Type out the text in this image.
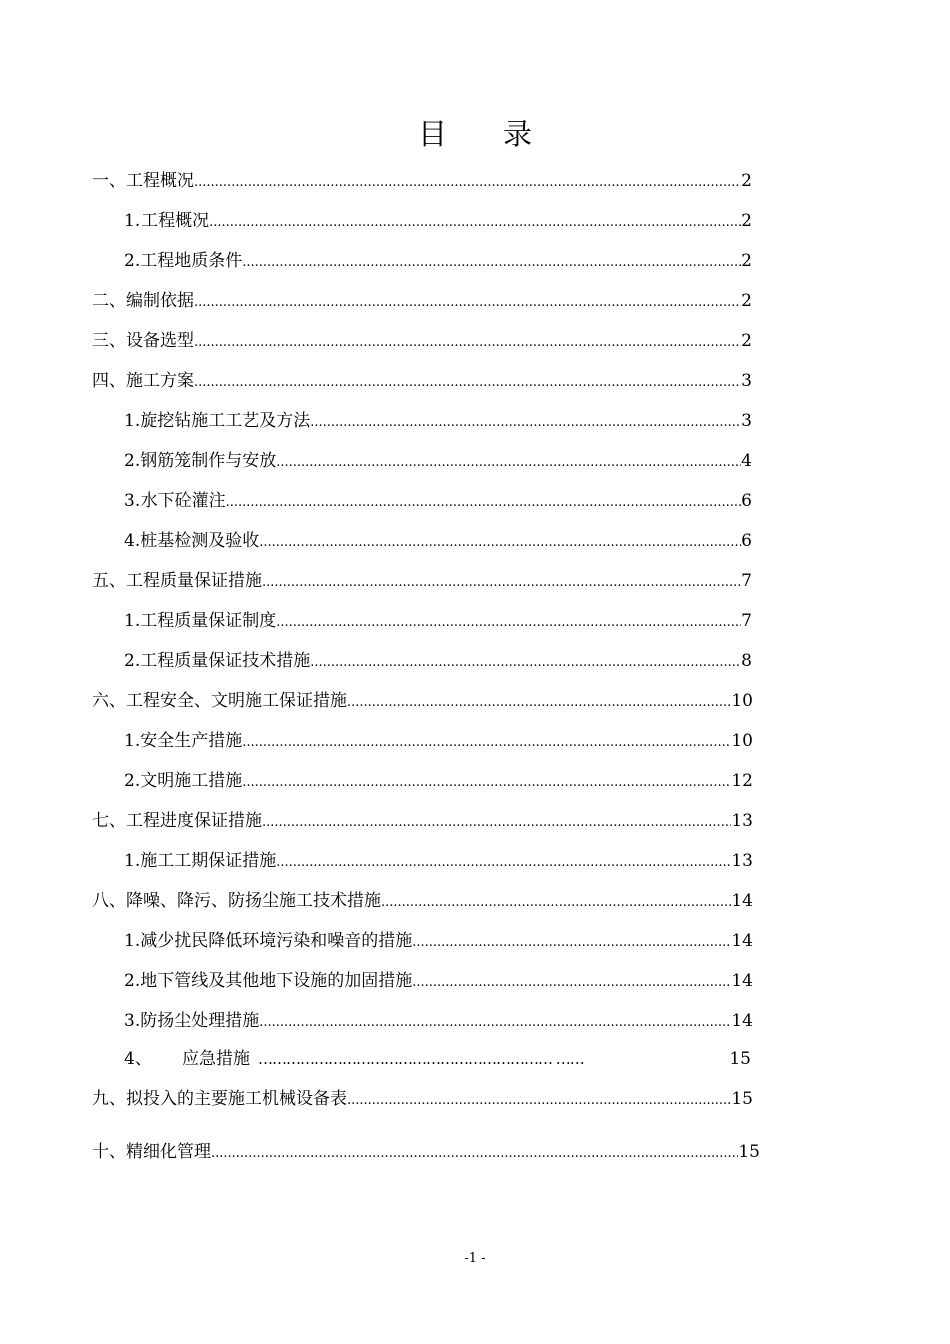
目 录
一、 工程概况 .....	2
1. 工程概况 .....	2
2. 工程地质条件 .....	2
二、 编制依据 .....	2
三、 设备选型 .....	2
四、 施工方案 .....	3
1. 旋挖钻施工工艺及方法 .....	3
2. 钢筋笼制作与安放 .....	4
3. 水下砼灌注 .....	6
4. 桩基检测及验收 .....	6
五、 工程质量保证措施 .....	7
1. 工程质量保证制度 .....	7
2. 工程质量保证技术措施 .....	8
六、 工程安全、文明施工保证措施 .....	10
1. 安全生产措施 .....	10
2. 文明施工措施 .....	12
七、 工程进度保证措施 .....	13
1. 施工工期保证措施 .....	13
八、 降噪、降污、防扬尘施工技术措施 .....	14
1. 减少扰民降低环境污染和噪音的措施 .....	14
2. 地下管线及其他地下设施的加固措施 .....	14
3. 防扬尘处理措施 .....	14
4、	应急措施 ……………………………………………………… ……	15
九、 拟投入的主要施工机械设备表 .....	15
十、 精细化管理 .....	15
-1 -
